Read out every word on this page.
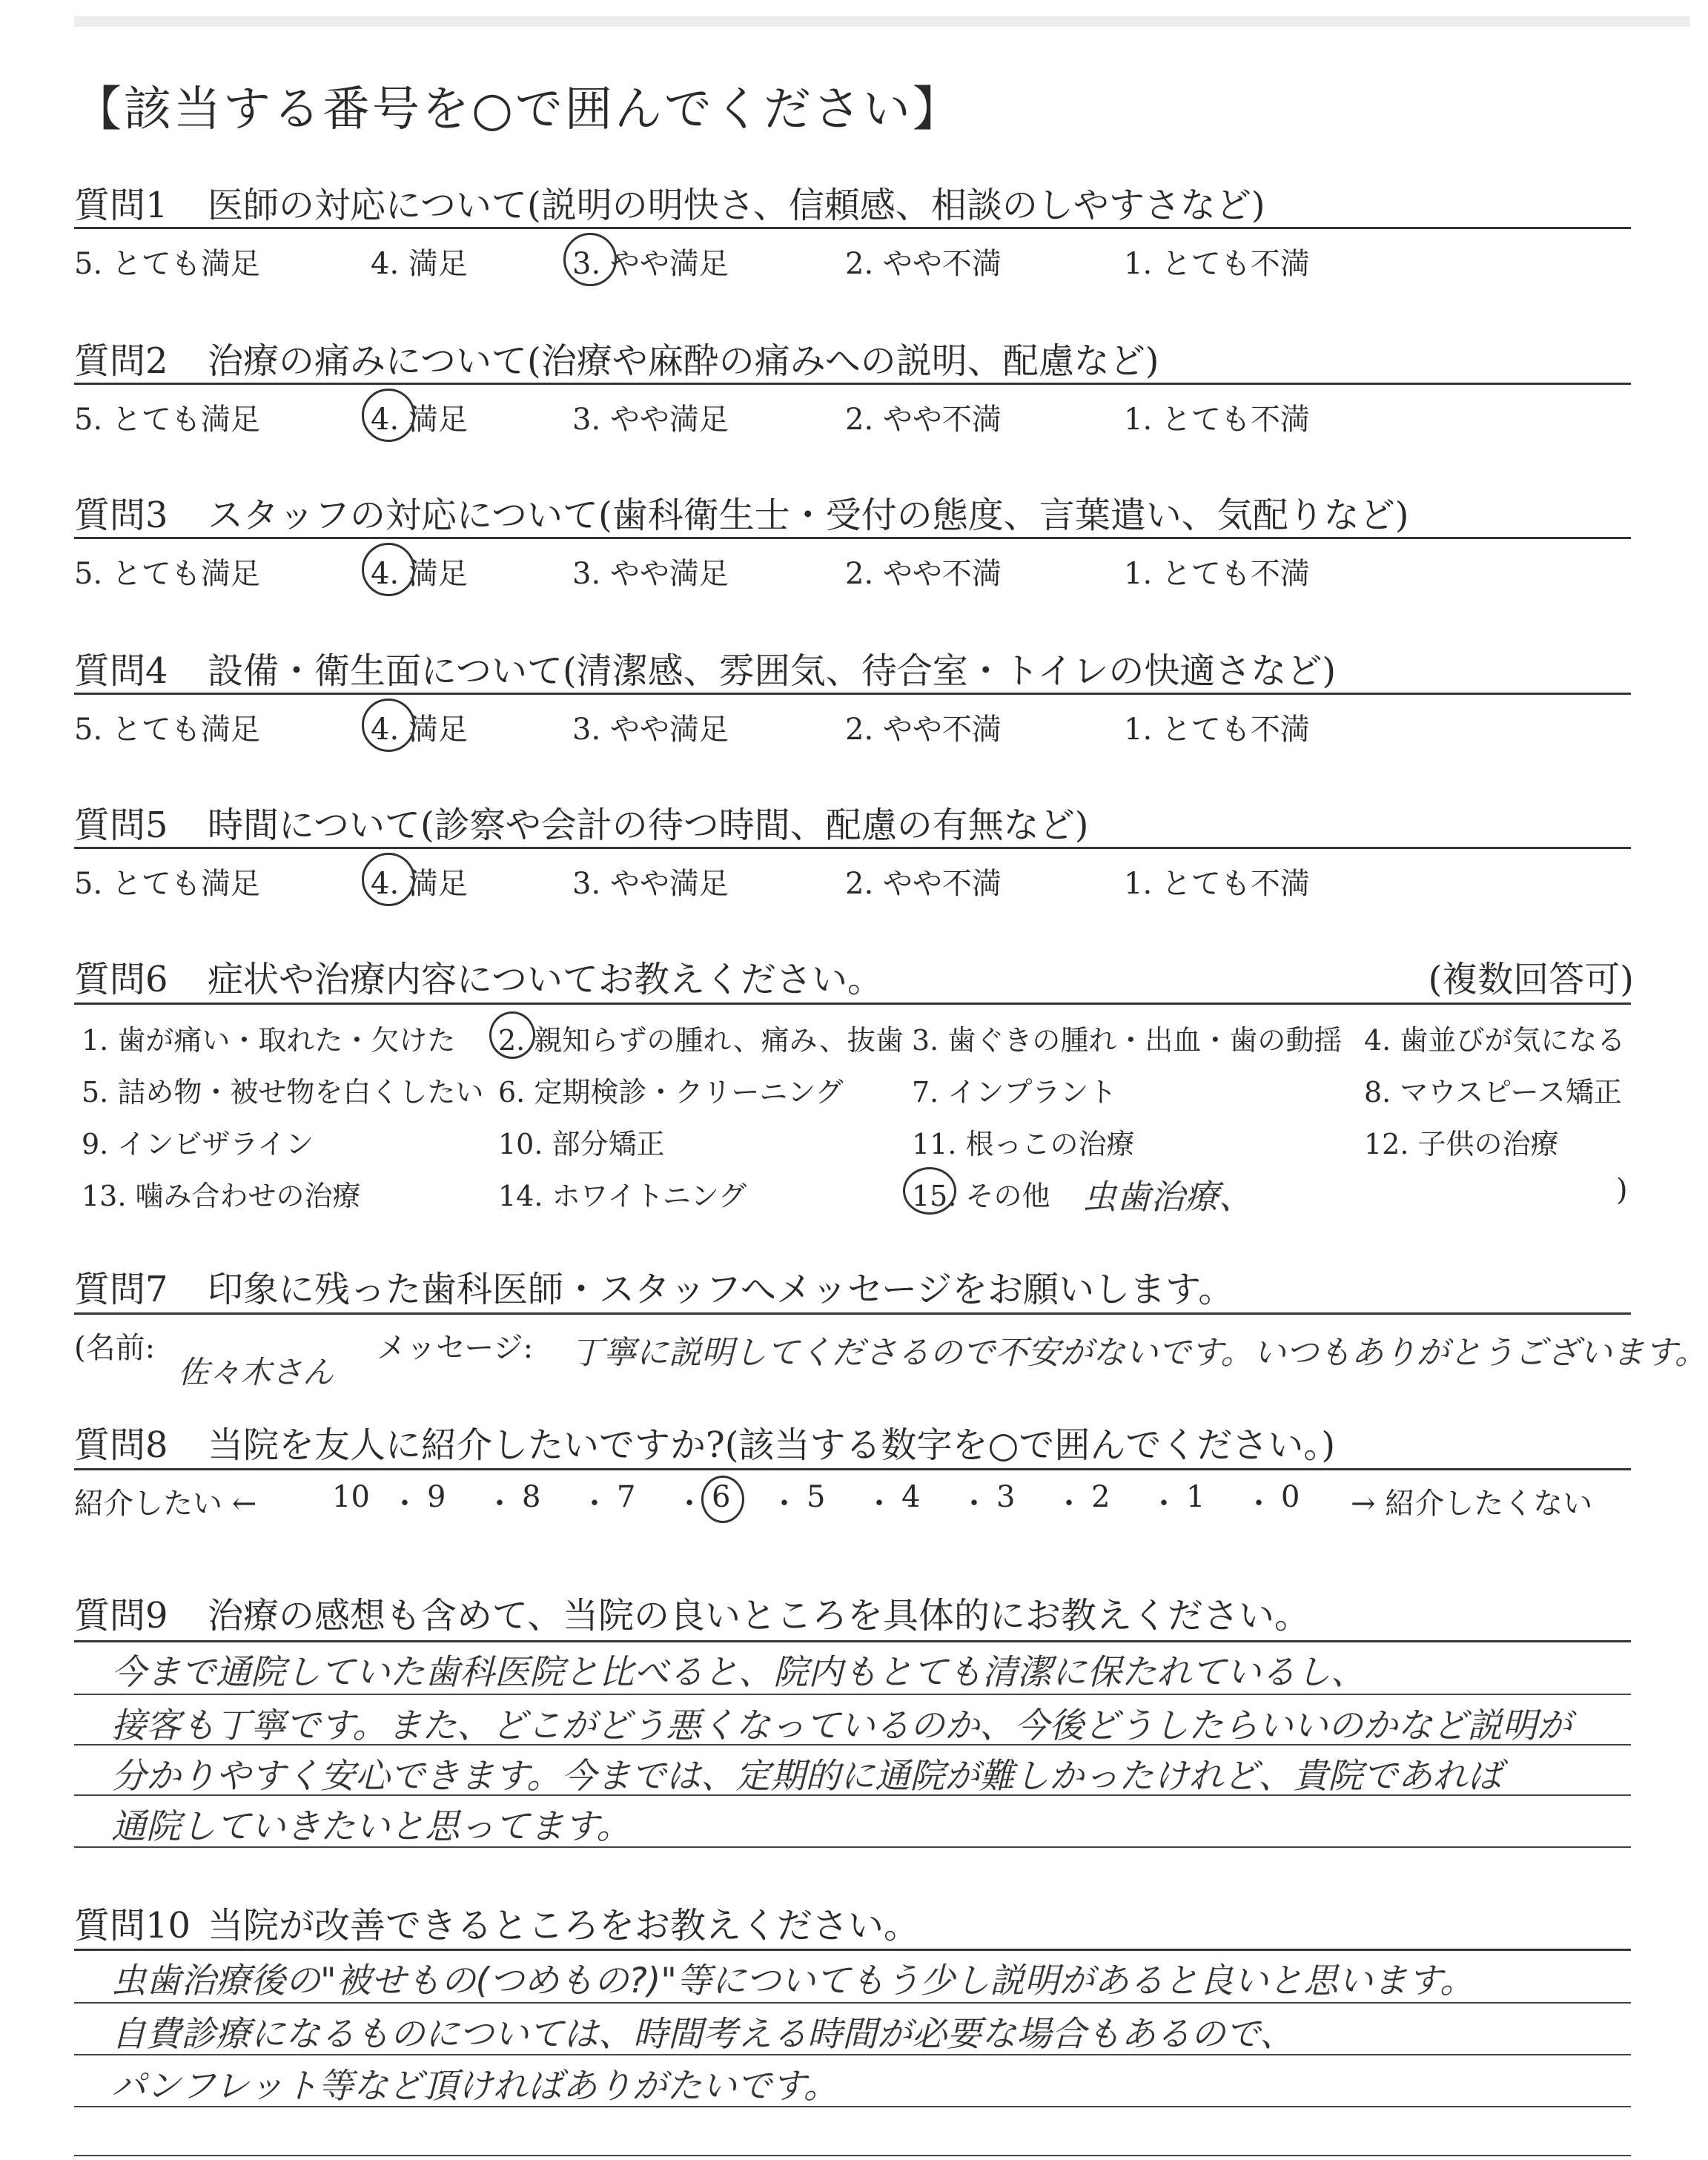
【該当する番号を○で囲んでください】
質問1 医師の対応について(説明の明快さ、信頼感、相談のしやすさなど)
5. とても満足	4. 満足	3. やや満足	2. やや不満	1. とても不満
質問2 治療の痛みについて(治療や麻酔の痛みへの説明、配慮など)
5. とても満足	4. 満足	3. やや満足	2. やや不満	1. とても不満
質問3 スタッフの対応について(歯科衛生士・受付の態度、言葉遣い、気配りなど)
5. とても満足	4. 満足	3. やや満足	2. やや不満	1. とても不満
質問4 設備・衛生面について(清潔感、雰囲気、待合室・トイレの快適さなど)
5. とても満足	4. 満足	3. やや満足	2. やや不満	1. とても不満
質問5 時間について(診察や会計の待つ時間、配慮の有無など)
5. とても満足	4. 満足	3. やや満足	2. やや不満	1. とても不満
質問6 症状や治療内容についてお教えください。	(複数回答可)
1. 歯が痛い・取れた・欠けた 2. 親知らずの腫れ、痛み、抜歯 3. 歯ぐきの腫れ・出血・歯の動揺 4. 歯並びが気になる
5. 詰め物・被せ物を白くしたい 6. 定期検診・クリーニング 7. インプラント	8. マウスピース矯正
9. インビザライン	10. 部分矯正	11. 根っこの治療	12. 子供の治療
13. 噛み合わせの治療	14. ホワイトニング	15. その他 虫歯治療、	)
質問7 印象に残った歯科医師・スタッフへメッセージをお願いします。
(名前:
佐々木さん
メッセージ: 丁寧に説明してくださるので不安がないです。いつもありがとうございます。
質問8 当院を友人に紹介したいですか?(該当する数字を○で囲んでください。)
紹介したい ←	→ 紹介したくない
10 ・ 9 ・ 8 ・ 7 ・ 6 ・ 5 ・ 4 ・ 3 ・ 2 ・ 1 ・ 0
質問9 治療の感想も含めて、当院の良いところを具体的にお教えください。
今まで通院していた歯科医院と比べると、院内もとても清潔に保たれているし、
接客も丁寧です。また、どこがどう悪くなっているのか、今後どうしたらいいのかなど説明が
分かりやすく安心できます。今までは、定期的に通院が難しかったけれど、貴院であれば
通院していきたいと思ってます。
質問10 当院が改善できるところをお教えください。
虫歯治療後の"被せもの(つめもの?)"等についてもう少し説明があると良いと思います。
自費診療になるものについては、時間考える時間が必要な場合もあるので、
パンフレット等など頂ければありがたいです。
